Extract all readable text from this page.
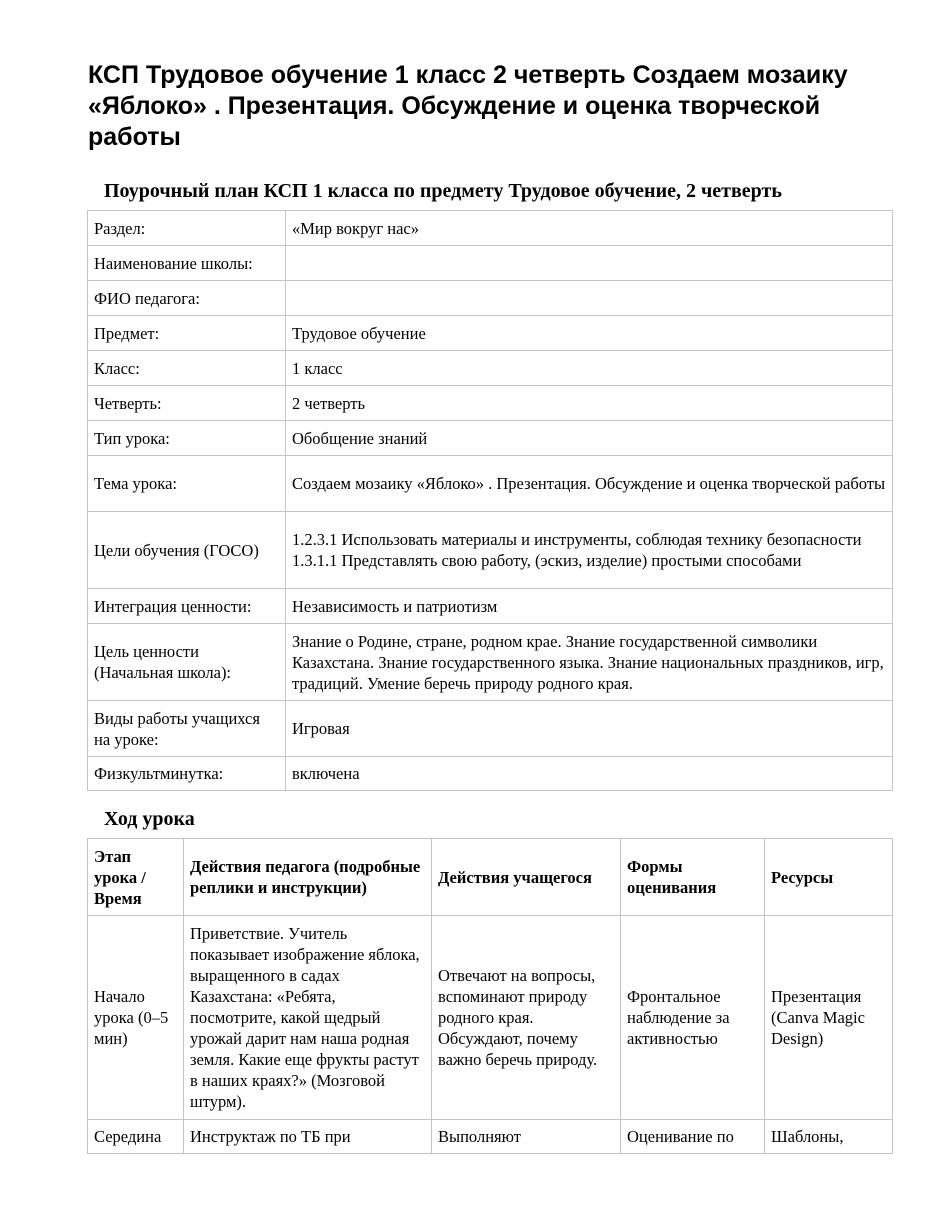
КСП Трудовое обучение 1 класс 2 четверть Создаем мозаику «Яблоко» . Презентация. Обсуждение и оценка творческой работы
Поурочный план КСП 1 класса по предмету Трудовое обучение, 2 четверть
Раздел:	«Мир вокруг нас»
Наименование школы:	
ФИО педагога:	
Предмет:	Трудовое обучение
Класс:	1 класс
Четверть:	2 четверть
Тип урока:	Обобщение знаний
Тема урока:	Создаем мозаику «Яблоко» . Презентация. Обсуждение и оценка творческой работы
Цели обучения (ГОСО)	1.2.3.1 Использовать материалы и инструменты, соблюдая технику безопасности 1.3.1.1 Представлять свою работу, (эскиз, изделие) простыми способами
Интеграция ценности:	Независимость и патриотизм
Цель ценности (Начальная школа):	Знание о Родине, стране, родном крае. Знание государственной символики Казахстана. Знание государственного языка. Знание национальных праздников, игр, традиций. Умение беречь природу родного края.
Виды работы учащихся на уроке:	Игровая
Физкультминутка:	включена
Ход урока
Этап урока / Время	Действия педагога (подробные реплики и инструкции)	Действия учащегося	Формы оценивания	Ресурсы
Начало урока (0–5 мин)	Приветствие. Учитель показывает изображение яблока, выращенного в садах Казахстана: «Ребята, посмотрите, какой щедрый урожай дарит нам наша родная земля. Какие еще фрукты растут в наших краях?» (Мозговой штурм).	Отвечают на вопросы, вспоминают природу родного края. Обсуждают, почему важно беречь природу.	Фронтальное наблюдение за активностью	Презентация (Canva Magic Design)
Середина	Инструктаж по ТБ при	Выполняют	Оценивание по	Шаблоны,
